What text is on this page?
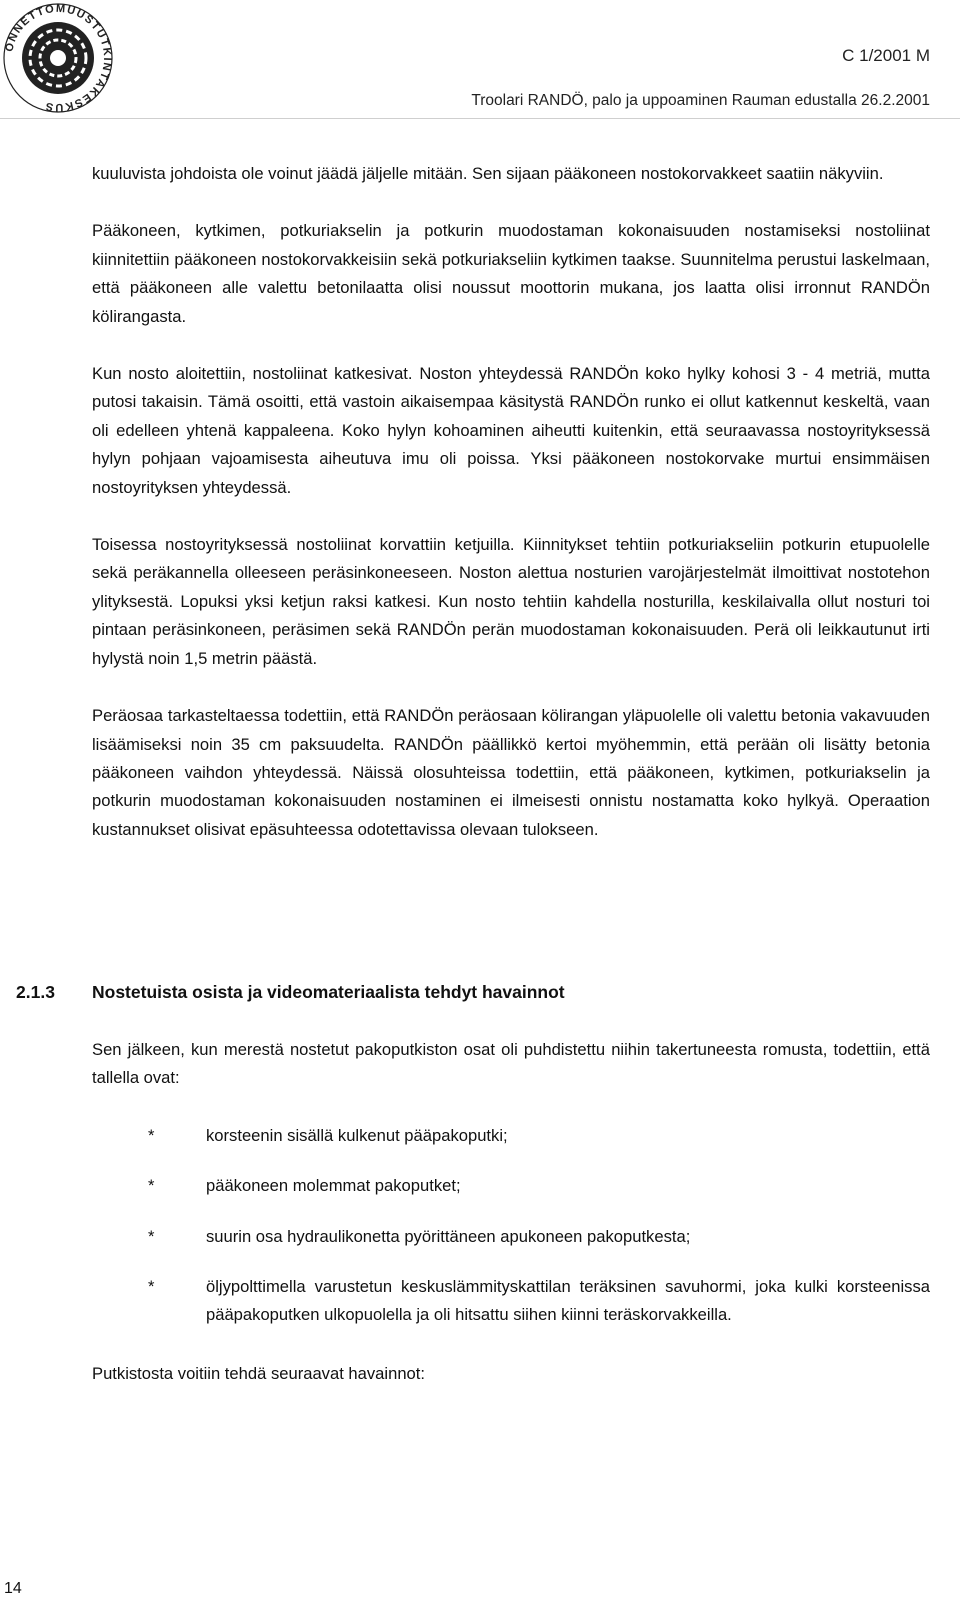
ONNETTOMUUSTUTKINTAKESKUS
C 1/2001 M
Troolari RANDÖ, palo ja uppoaminen Rauman edustalla 26.2.2001

kuuluvista johdoista ole voinut jäädä jäljelle mitään. Sen sijaan pääkoneen nostokorvakkeet saatiin näkyviin.

Pääkoneen, kytkimen, potkuriakselin ja potkurin muodostaman kokonaisuuden nostamiseksi nostoliinat kiinnitettiin pääkoneen nostokorvakkeisiin sekä potkuriakseliin kytkimen taakse. Suunnitelma perustui laskelmaan, että pääkoneen alle valettu betonilaatta olisi noussut moottorin mukana, jos laatta olisi irronnut RANDÖn kölirangasta.

Kun nosto aloitettiin, nostoliinat katkesivat. Noston yhteydessä RANDÖn koko hylky kohosi 3 - 4 metriä, mutta putosi takaisin. Tämä osoitti, että vastoin aikaisempaa käsitystä RANDÖn runko ei ollut katkennut keskeltä, vaan oli edelleen yhtenä kappaleena. Koko hylyn kohoaminen aiheutti kuitenkin, että seuraavassa nostoyrityksessä hylyn pohjaan vajoamisesta aiheutuva imu oli poissa. Yksi pääkoneen nostokorvake murtui ensimmäisen nostoyrityksen yhteydessä.

Toisessa nostoyrityksessä nostoliinat korvattiin ketjuilla. Kiinnitykset tehtiin potkuriakseliin potkurin etupuolelle sekä peräkannella olleeseen peräsinkoneeseen. Noston alettua nosturien varojärjestelmät ilmoittivat nostotehon ylityksestä. Lopuksi yksi ketjun raksi katkesi. Kun nosto tehtiin kahdella nosturilla, keskilaivalla ollut nosturi toi pintaan peräsinkoneen, peräsimen sekä RANDÖn perän muodostaman kokonaisuuden. Perä oli leikkautunut irti hylystä noin 1,5 metrin päästä.

Peräosaa tarkasteltaessa todettiin, että RANDÖn peräosaan kölirangan yläpuolelle oli valettu betonia vakavuuden lisäämiseksi noin 35 cm paksuudelta. RANDÖn päällikkö kertoi myöhemmin, että perään oli lisätty betonia pääkoneen vaihdon yhteydessä. Näissä olosuhteissa todettiin, että pääkoneen, kytkimen, potkuriakselin ja potkurin muodostaman kokonaisuuden nostaminen ei ilmeisesti onnistu nostamatta koko hylkyä. Operaation kustannukset olisivat epäsuhteessa odotettavissa olevaan tulokseen.

2.1.3 Nostetuista osista ja videomateriaalista tehdyt havainnot

Sen jälkeen, kun merestä nostetut pakoputkiston osat oli puhdistettu niihin takertuneesta romusta, todettiin, että tallella ovat:

*	korsteenin sisällä kulkenut pääpakoputki;
*	pääkoneen molemmat pakoputket;
*	suurin osa hydraulikonetta pyörittäneen apukoneen pakoputkesta;
*	öljypolttimella varustetun keskuslämmityskattilan teräksinen savuhormi, joka kulki korsteenissa pääpakoputken ulkopuolella ja oli hitsattu siihen kiinni teräskorvakkeilla.

Putkistosta voitiin tehdä seuraavat havainnot:

14
